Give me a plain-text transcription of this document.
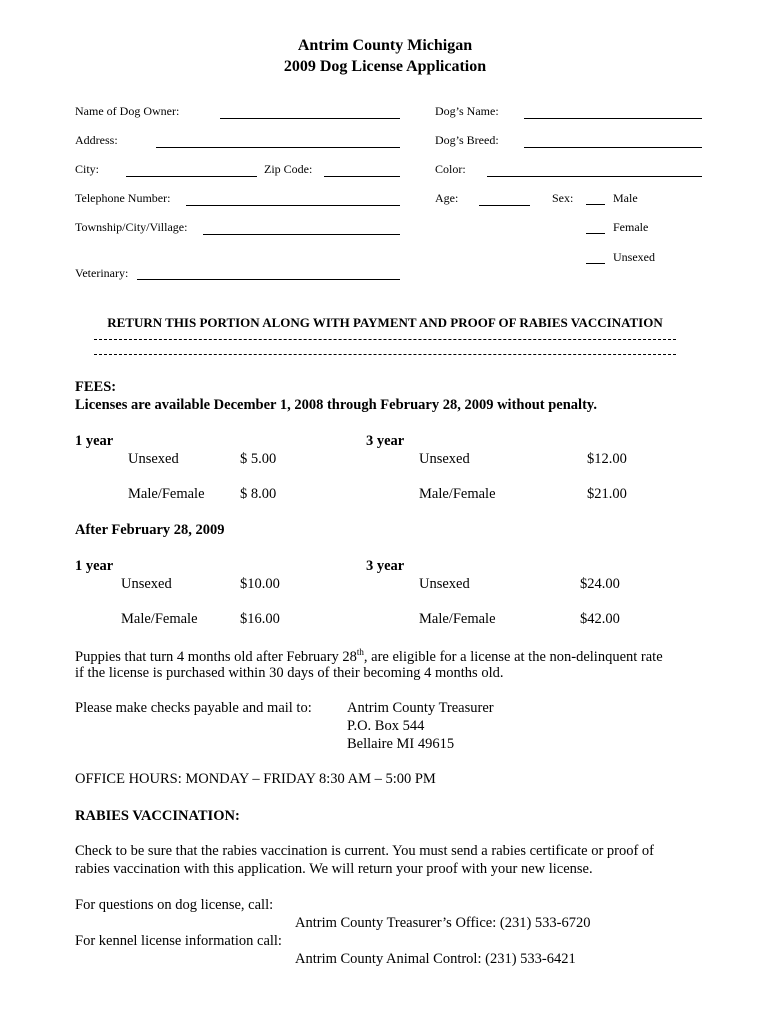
Antrim County Michigan
2009 Dog License Application
Name of Dog Owner:
Address:
City:	Zip Code:
Telephone Number:
Township/City/Village:
Veterinary:
Dog’s Name:
Dog’s Breed:
Color:
Age:	Sex:	Male
Female
Unsexed
RETURN THIS PORTION ALONG WITH PAYMENT AND PROOF OF RABIES VACCINATION
FEES:
Licenses are available December 1, 2008 through February 28, 2009 without penalty.
1 year	3 year
Unsexed	$ 5.00	Unsexed	$12.00
Male/Female $ 8.00	Male/Female	$21.00
After February 28, 2009
1 year	3 year
Unsexed	$10.00	Unsexed	$24.00
Male/Female	$16.00	Male/Female	$42.00
Puppies that turn 4 months old after February 28th, are eligible for a license at the non-delinquent rate
if the license is purchased within 30 days of their becoming 4 months old.
Please make checks payable and mail to: Antrim County Treasurer
P.O. Box 544
Bellaire MI 49615
OFFICE HOURS: MONDAY – FRIDAY 8:30 AM – 5:00 PM
RABIES VACCINATION:
Check to be sure that the rabies vaccination is current. You must send a rabies certificate or proof of
rabies vaccination with this application. We will return your proof with your new license.
For questions on dog license, call:
Antrim County Treasurer’s Office: (231) 533-6720
For kennel license information call:
Antrim County Animal Control: (231) 533-6421
